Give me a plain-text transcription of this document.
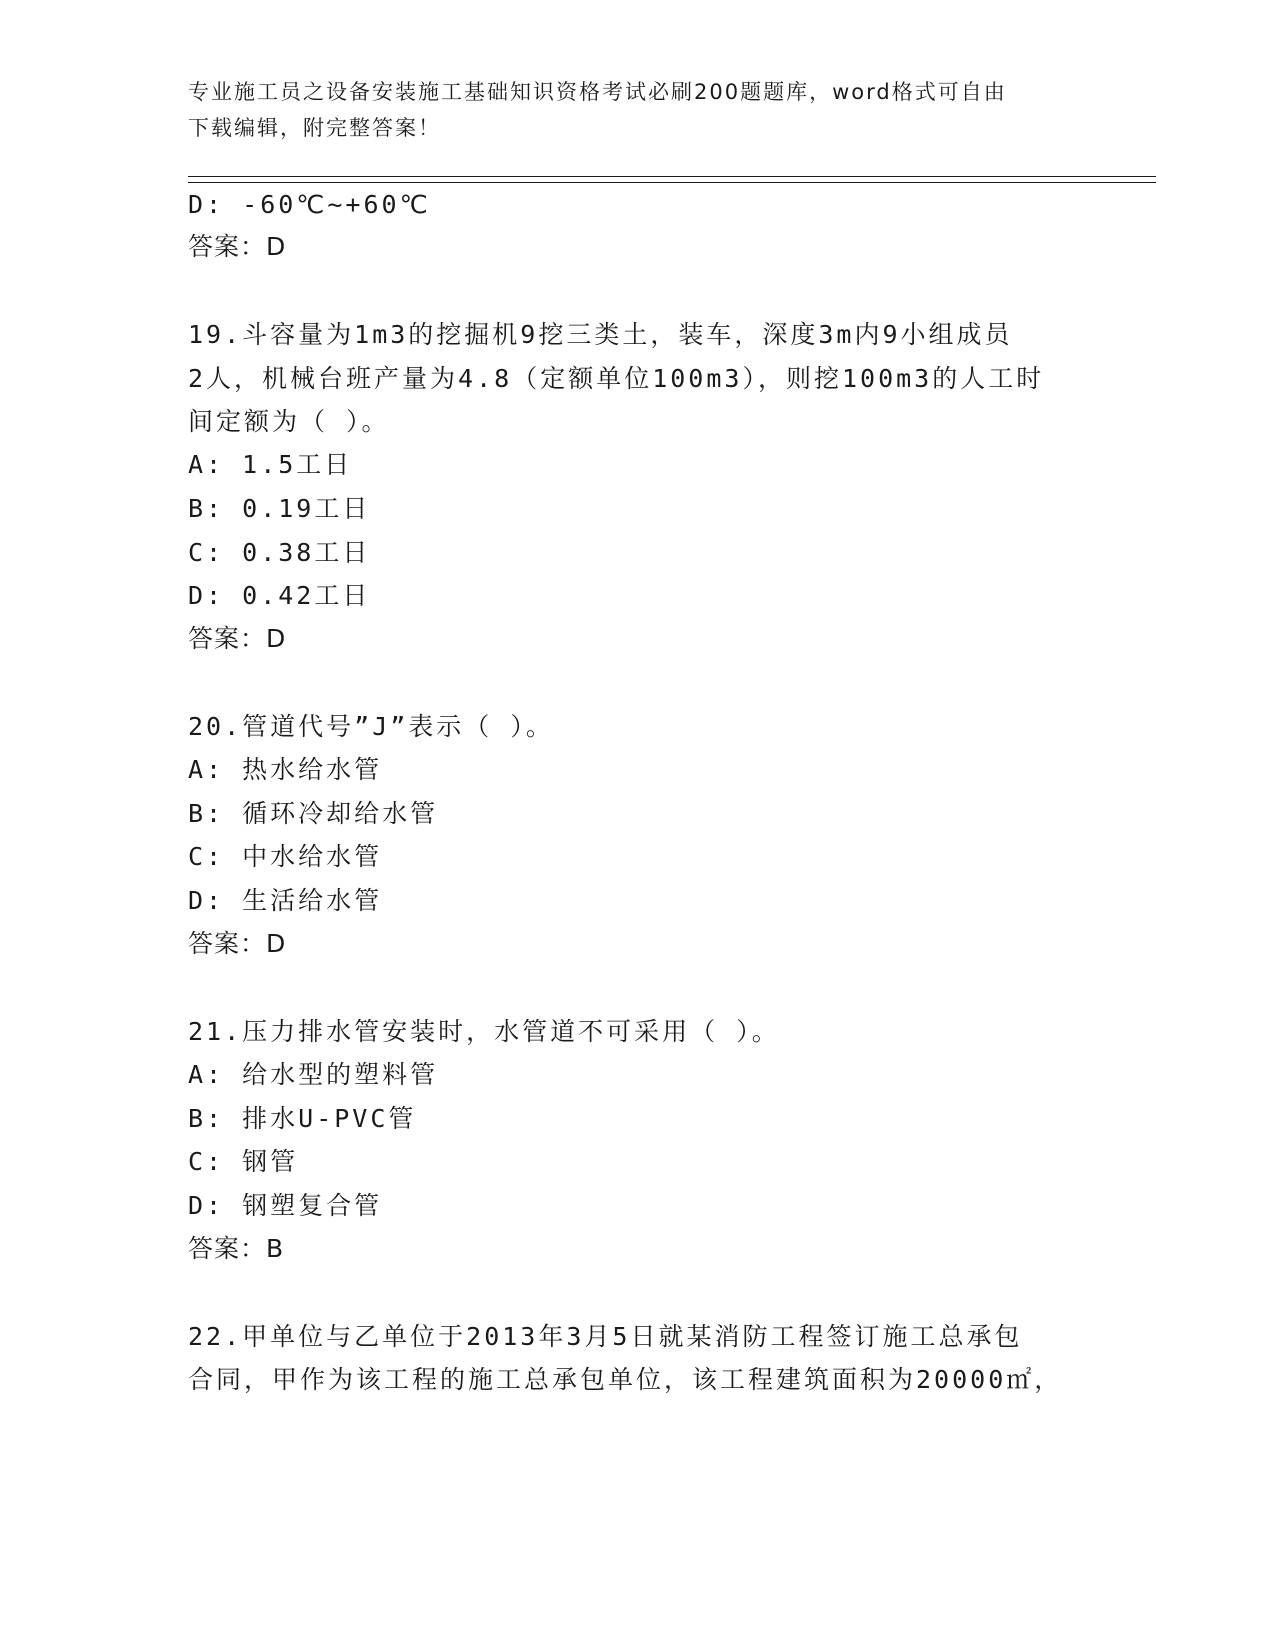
专业施工员之设备安装施工基础知识资格考试必刷200题题库，word格式可自由
下载编辑，附完整答案！
D: -60℃~+60℃
答案：D
19.斗容量为1m3的挖掘机9挖三类土，装车，深度3m内9小组成员
2人，机械台班产量为4.8（定额单位100m3），则挖100m3的人工时
间定额为（ ）。
A: 1.5工日
B: 0.19工日
C: 0.38工日
D: 0.42工日
答案：D
20.管道代号”J”表示（ ）。
A: 热水给水管
B: 循环冷却给水管
C: 中水给水管
D: 生活给水管
答案：D
21.压力排水管安装时，水管道不可采用（ ）。
A: 给水型的塑料管
B: 排水U-PVC管
C: 钢管
D: 钢塑复合管
答案：B
22.甲单位与乙单位于2013年3月5日就某消防工程签订施工总承包
合同，甲作为该工程的施工总承包单位，该工程建筑面积为20000㎡，
